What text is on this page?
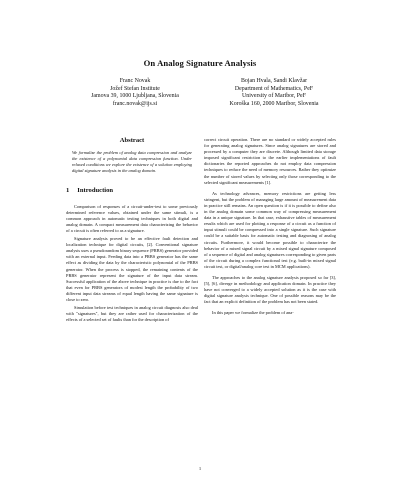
On Analog Signature Analysis
Franc Novak
Jožef Stefan Institute
Jamova 39, 1000 Ljubljana, Slovenia
franc.novak@ijs.si
Bojan Hvala, Sandi Klavžar
Department of Mathematics, PeF
University of Maribor, PeF
Koroška 160, 2000 Maribor, Slovenia
Abstract
We formalize the problem of analog data compression and analyze the existence of a polynomial data compression function. Under relaxed conditions we explore the existence of a solution employing digital signature analysis in the analog domain.
1 Introduction

Comparison of responses of a circuit-under-test to some previously determined reference values, obtained under the same stimuli, is a common approach in automatic testing techniques in both digital and analog domain. A compact measurement data characterizing the behavior of a circuit is often referred to as a signature.

Signature analysis proved to be an effective fault detection and localization technique for digital circuits, [2]. Conventional signature analysis uses a pseudorandom binary sequence (PRBS) generator provided with an external input. Feeding data into a PRBS generator has the same effect as dividing the data by the characteristic polynomial of the PRBS generator. When the process is stopped, the remaining contents of the PRBS generator represent the signature of the input data stream. Successful application of the above technique in practice is due to the fact that even for PRBS generators of modest length the probability of two different input data streams of equal length having the same signature is close to zero.

Simulation before test techniques in analog circuit diagnosis also deal with "signatures", but they are rather used for characterization of the effects of a selected set of faults than for the description of

correct circuit operation. There are no standard or widely accepted rules for generating analog signatures. Since analog signatures are stored and processed by a computer they are discrete. Although limited data storage imposed significant restriction to the earlier implementations of fault dictionaries the reported approaches do not employ data compression techniques to reduce the need of memory resources. Rather they optimize the number of stored values by selecting only those corresponding to the selected significant measurements [1].

As technology advances, memory restrictions are getting less stringent, but the problem of managing large amount of measurement data in practice still remains. An open question is if it is possible to define also in the analog domain some common way of compressing measurement data in a unique signature. In that case, exhaustive tables of measurement results which are used for plotting a response of a circuit as a function of input stimuli could be compressed into a single signature. Such signature could be a suitable basis for automatic testing and diagnosing of analog circuits. Furthermore, it would become possible to characterize the behavior of a mixed signal circuit by a mixed signal signature composed of a sequence of digital and analog signatures corresponding to given parts of the circuit during a complex functional test (e.g. built-in mixed signal circuit test, or digital/analog core test in MCM applications).

The approaches to the analog signature analysis proposed so far [3], [5], [6], diverge in methodology and application domain. In practice they have not converged to a widely accepted solution as it is the case with digital signature analysis technique. One of possible reasons may be the fact that an explicit definition of the problem has not been stated.

In this paper we formalize the problem of ana-

1
